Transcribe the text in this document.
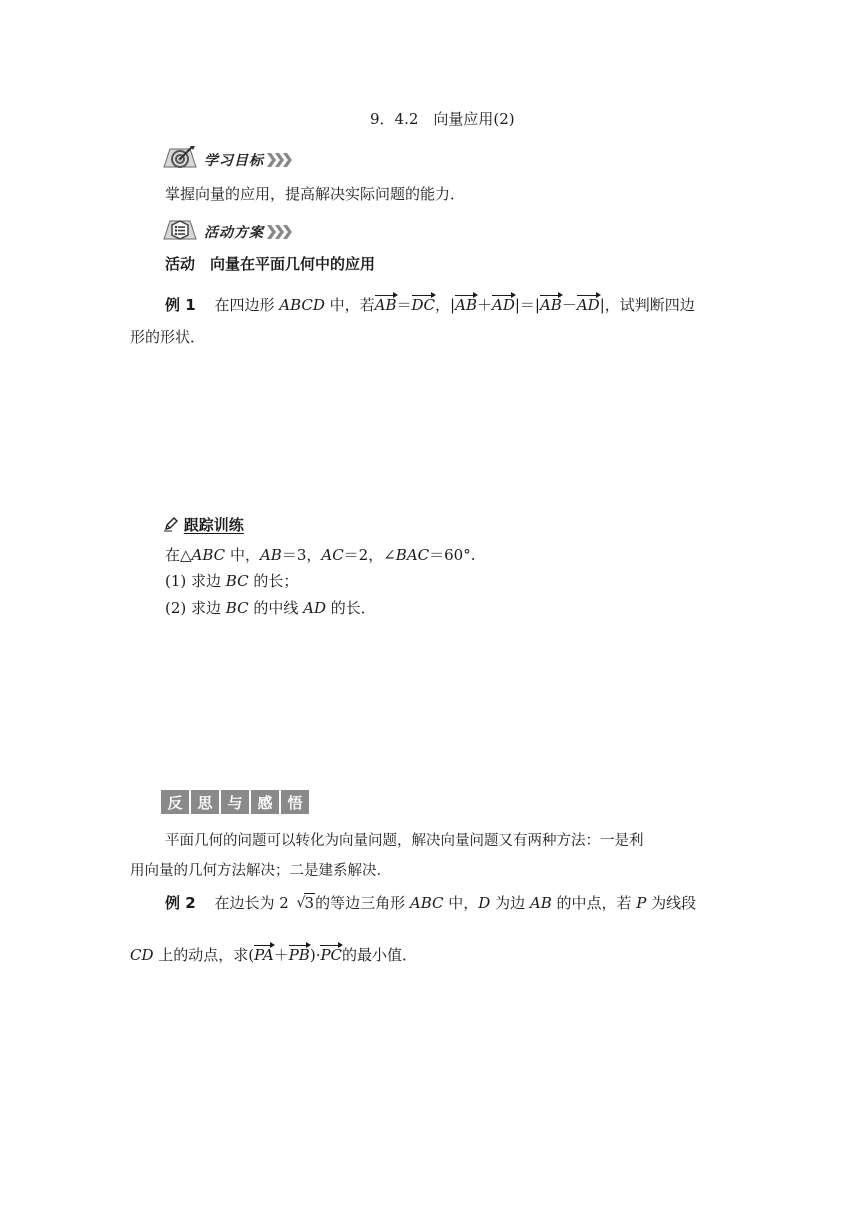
9．4.2　向量应用(2)
学习目标
掌握向量的应用，提高解决实际问题的能力．
活动方案
活动　向量在平面几何中的应用
例 1 在四边形 ABCD 中，若AB＝DC，|AB＋AD|＝|AB－AD|，试判断四边
形的形状．
跟踪训练
在△ABC 中，AB＝3，AC＝2，∠BAC＝60°.
(1) 求边 BC 的长；
(2) 求边 BC 的中线 AD 的长．
反 思 与 感 悟
平面几何的问题可以转化为向量问题，解决向量问题又有两种方法：一是利
用向量的几何方法解决；二是建系解决．
例 2 在边长为 2 √ 3的等边三角形 ABC 中，D 为边 AB 的中点，若 P 为线段
CD 上的动点，求(PA＋PB)·PC的最小值．
